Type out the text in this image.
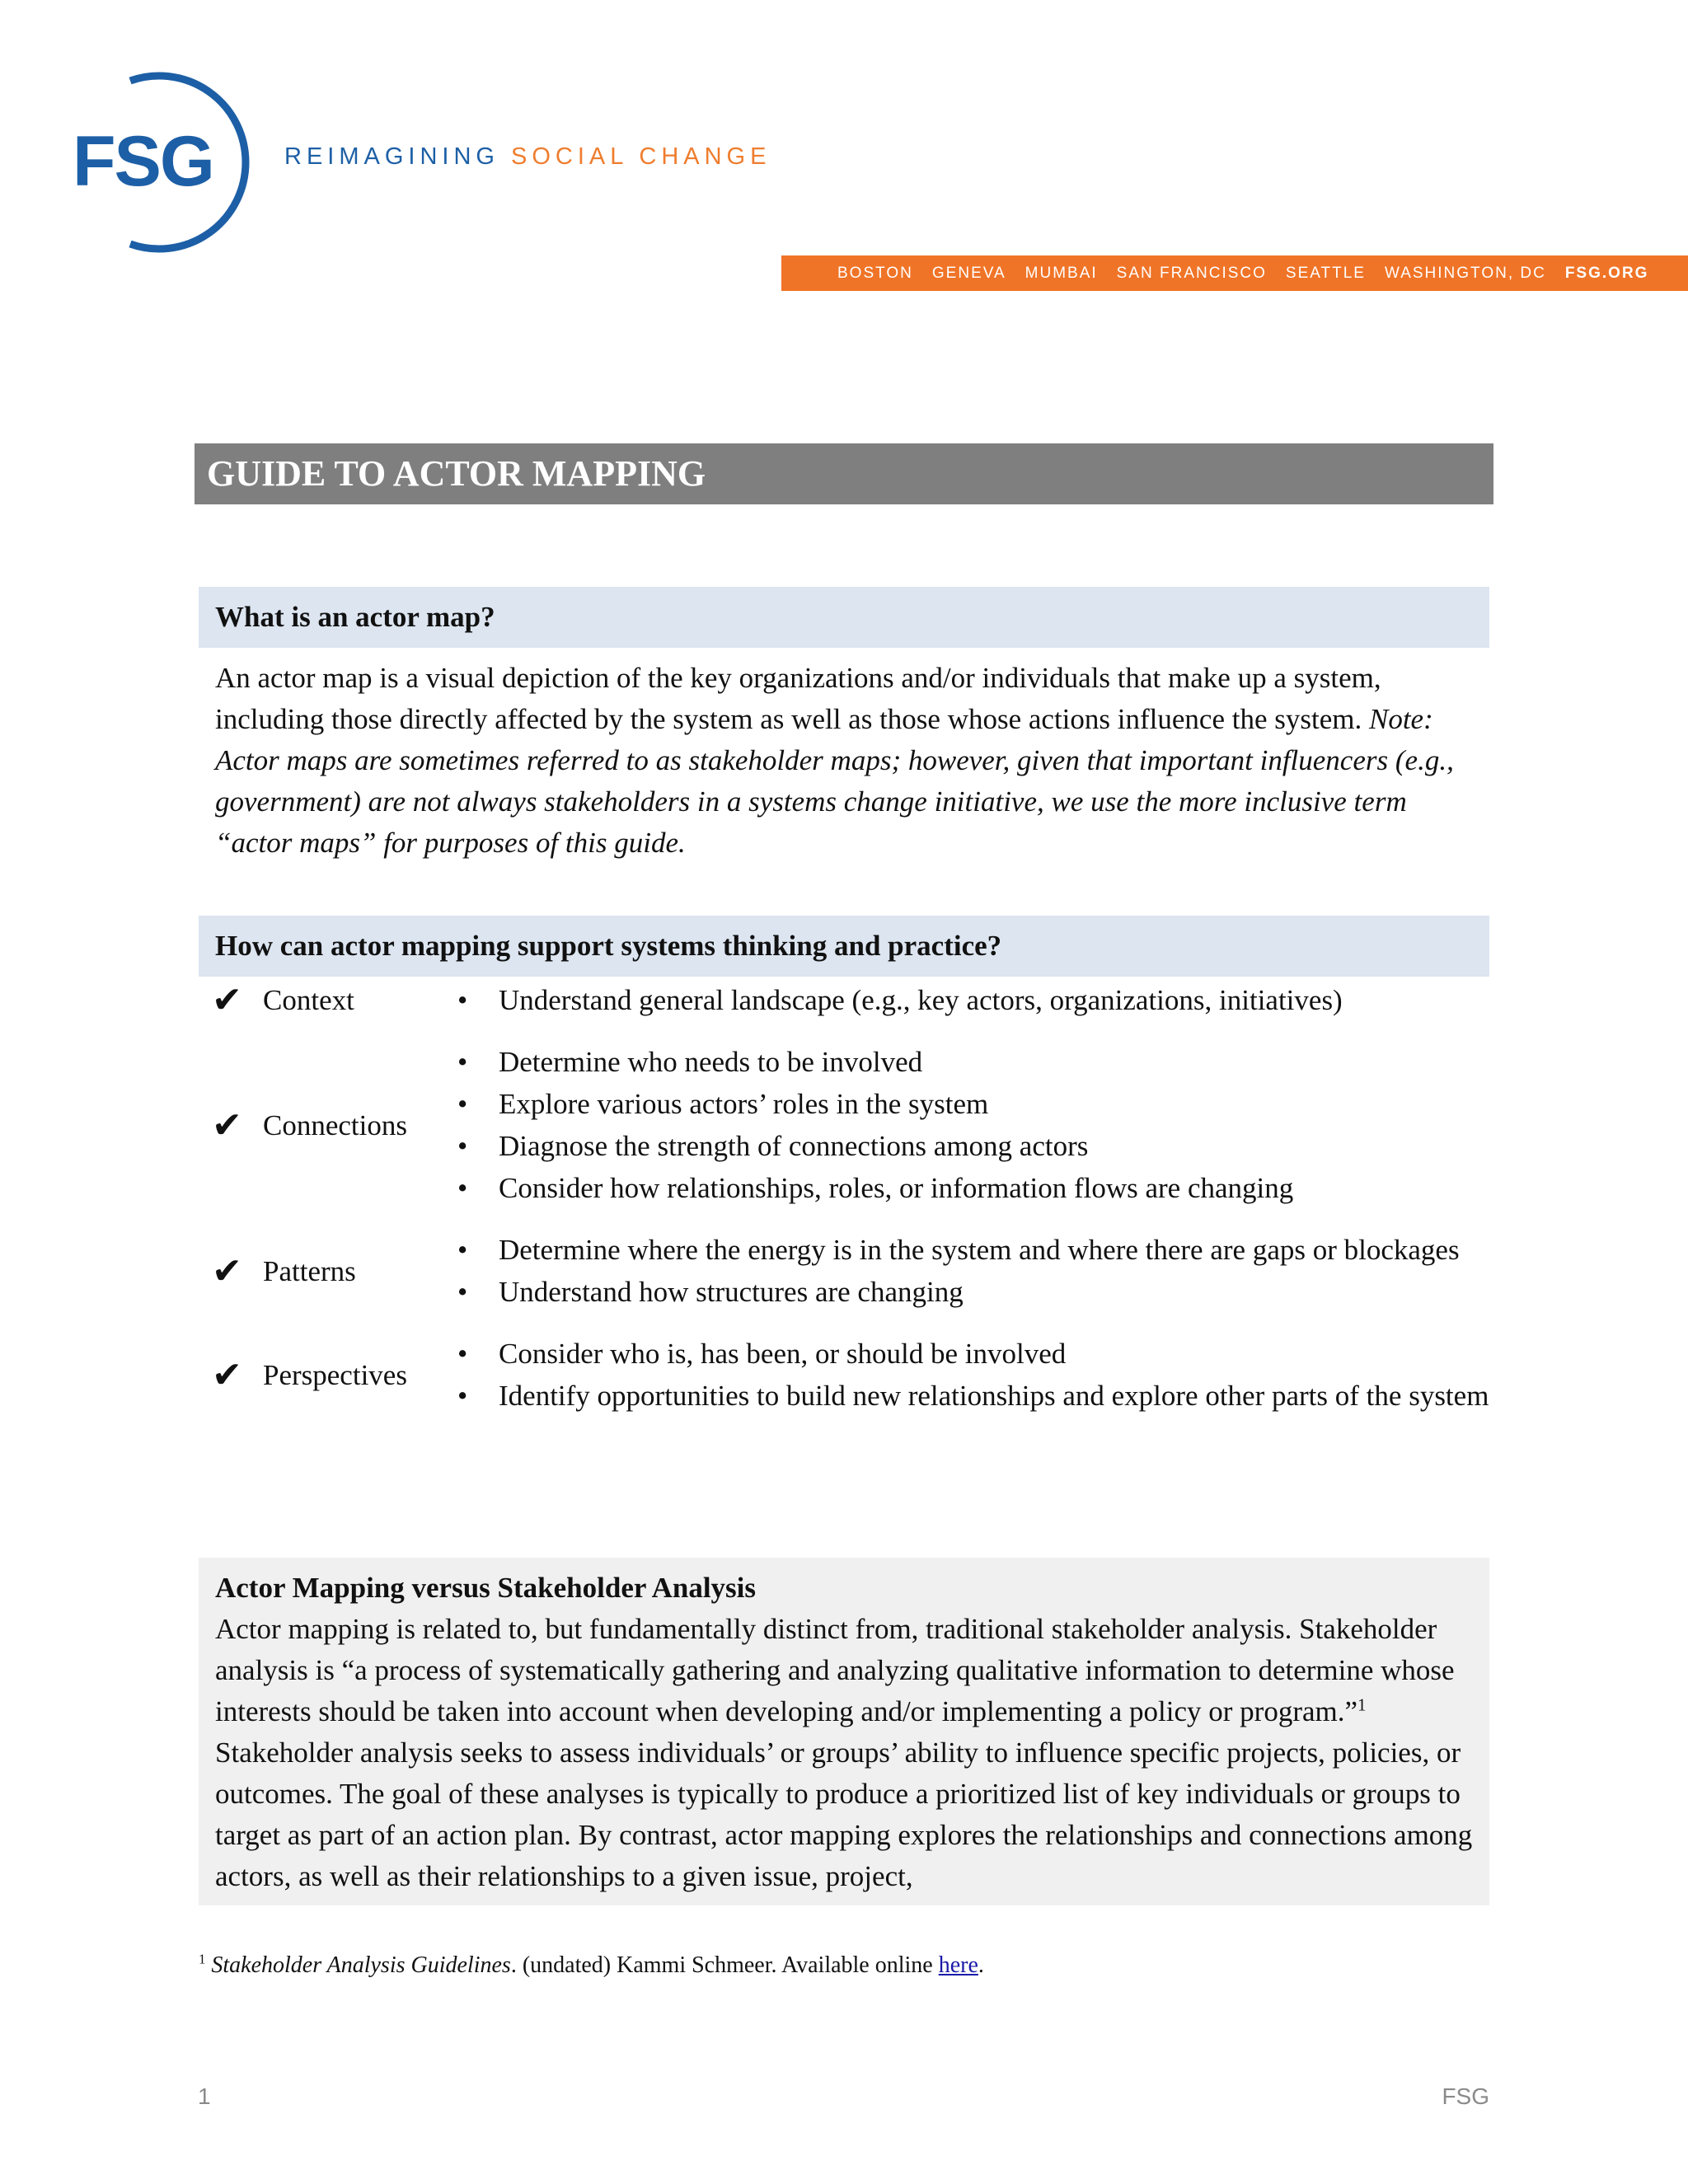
FSG	REIMAGINING SOCIAL CHANGE
BOSTON GENEVA MUMBAI SAN FRANCISCO SEATTLE WASHINGTON, DC FSG.ORG
GUIDE TO ACTOR MAPPING
What is an actor map?
An actor map is a visual depiction of the key organizations and/or individuals that make up a system, including those directly affected by the system as well as those whose actions influence the system. Note: Actor maps are sometimes referred to as stakeholder maps; however, given that important influencers (e.g., government) are not always stakeholders in a systems change initiative, we use the more inclusive term “actor maps” for purposes of this guide.
How can actor mapping support systems thinking and practice?
✔ Context
•	Understand general landscape (e.g., key actors, organizations, initiatives)
✔ Connections
• Determine who needs to be involved
• Explore various actors’ roles in the system
• Diagnose the strength of connections among actors
• Consider how relationships, roles, or information flows are changing
✔ Patterns
• Determine where the energy is in the system and where there are gaps or blockages
• Understand how structures are changing
✔ Perspectives
• Consider who is, has been, or should be involved
• Identify opportunities to build new relationships and explore other parts of the system
Actor Mapping versus Stakeholder Analysis
Actor mapping is related to, but fundamentally distinct from, traditional stakeholder analysis. Stakeholder analysis is “a process of systematically gathering and analyzing qualitative information to determine whose interests should be taken into account when developing and/or implementing a policy or program.”$^1$ Stakeholder analysis seeks to assess individuals’ or groups’ ability to influence specific projects, policies, or outcomes. The goal of these analyses is typically to produce a prioritized list of key individuals or groups to target as part of an action plan. By contrast, actor mapping explores the relationships and connections among actors, as well as their relationships to a given issue, project,
$^1$ Stakeholder Analysis Guidelines. (undated) Kammi Schmeer. Available online here.
1	FSG
